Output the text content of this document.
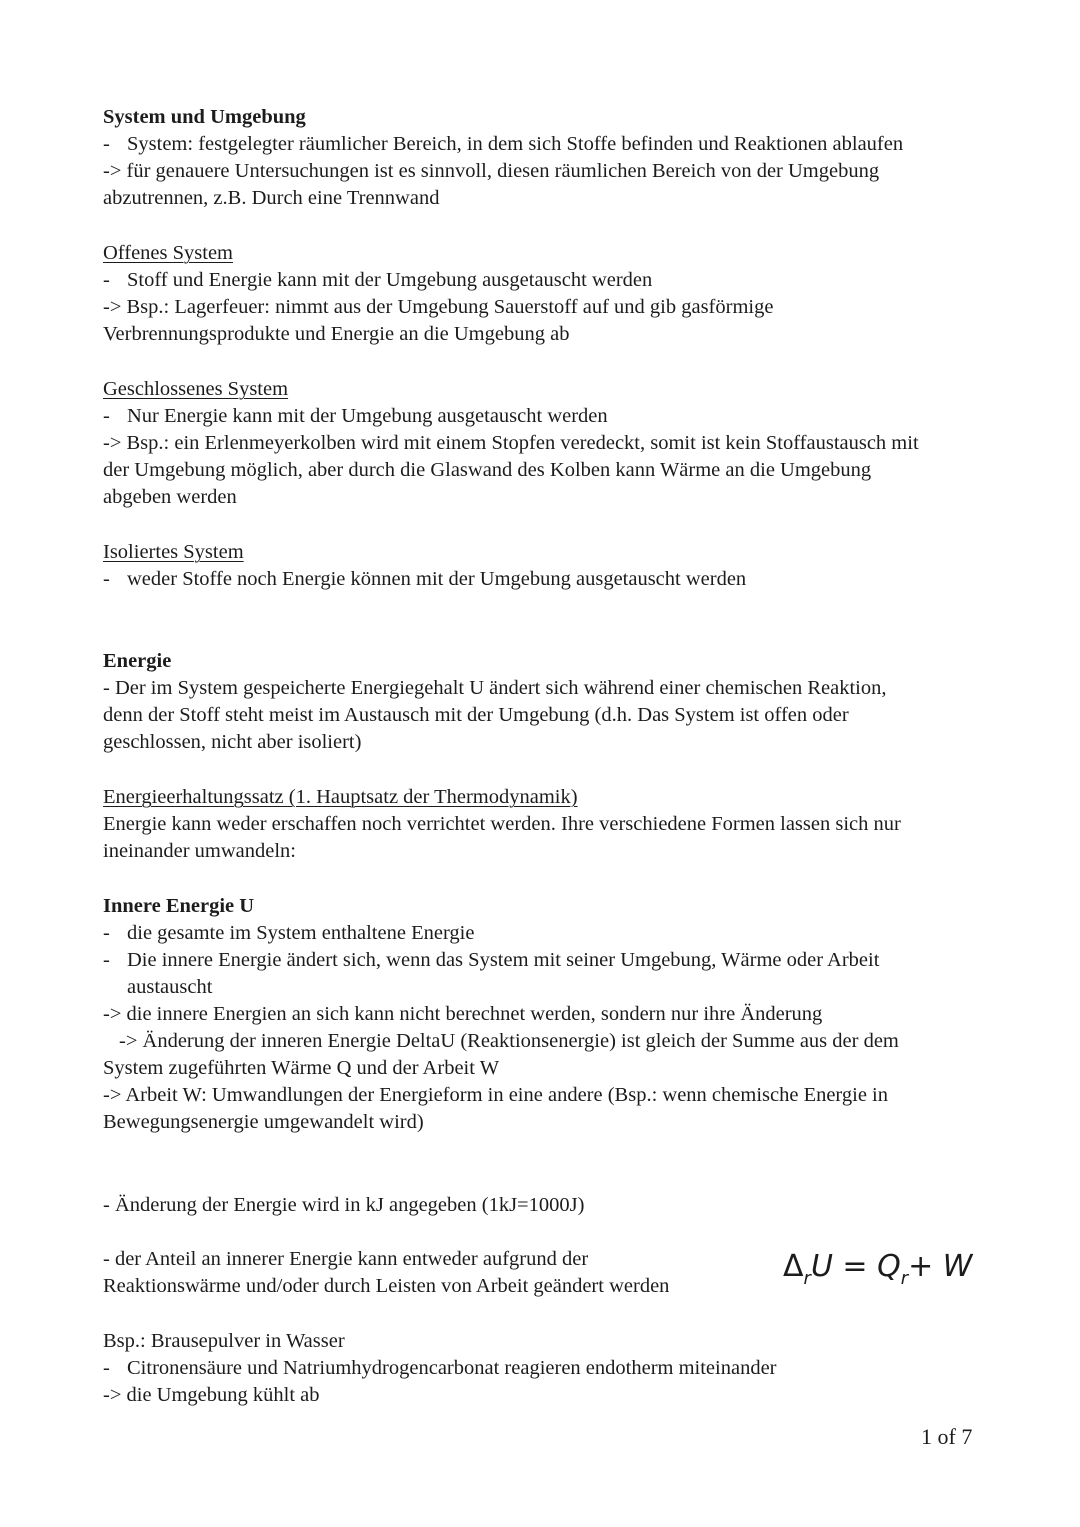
System und Umgebung
- System: festgelegter räumlicher Bereich, in dem sich Stoffe befinden und Reaktionen ablaufen
-> für genauere Untersuchungen ist es sinnvoll, diesen räumlichen Bereich von der Umgebung
abzutrennen, z.B. Durch eine Trennwand
Offenes System
- Stoff und Energie kann mit der Umgebung ausgetauscht werden
-> Bsp.: Lagerfeuer: nimmt aus der Umgebung Sauerstoff auf und gib gasförmige
Verbrennungsprodukte und Energie an die Umgebung ab
Geschlossenes System
- Nur Energie kann mit der Umgebung ausgetauscht werden
-> Bsp.: ein Erlenmeyerkolben wird mit einem Stopfen veredeckt, somit ist kein Stoffaustausch mit
der Umgebung möglich, aber durch die Glaswand des Kolben kann Wärme an die Umgebung
abgeben werden
Isoliertes System
- weder Stoffe noch Energie können mit der Umgebung ausgetauscht werden
Energie
- Der im System gespeicherte Energiegehalt U ändert sich während einer chemischen Reaktion,
denn der Stoff steht meist im Austausch mit der Umgebung (d.h. Das System ist offen oder
geschlossen, nicht aber isoliert)
Energieerhaltungssatz (1. Hauptsatz der Thermodynamik)
Energie kann weder erschaffen noch verrichtet werden. Ihre verschiedene Formen lassen sich nur
ineinander umwandeln:
Innere Energie U
- die gesamte im System enthaltene Energie
- Die innere Energie ändert sich, wenn das System mit seiner Umgebung, Wärme oder Arbeit
austauscht
-> die innere Energien an sich kann nicht berechnet werden, sondern nur ihre Änderung
-> Änderung der inneren Energie DeltaU (Reaktionsenergie) ist gleich der Summe aus der dem
System zugeführten Wärme Q und der Arbeit W
-> Arbeit W: Umwandlungen der Energieform in eine andere (Bsp.: wenn chemische Energie in
Bewegungsenergie umgewandelt wird)
- Änderung der Energie wird in kJ angegeben (1kJ=1000J)
- der Anteil an innerer Energie kann entweder aufgrund der
Reaktionswärme und/oder durch Leisten von Arbeit geändert werden
$\Delta_rU = Q_r+ W$
Bsp.: Brausepulver in Wasser
- Citronensäure und Natriumhydrogencarbonat reagieren endotherm miteinander
-> die Umgebung kühlt ab
1 of 7
